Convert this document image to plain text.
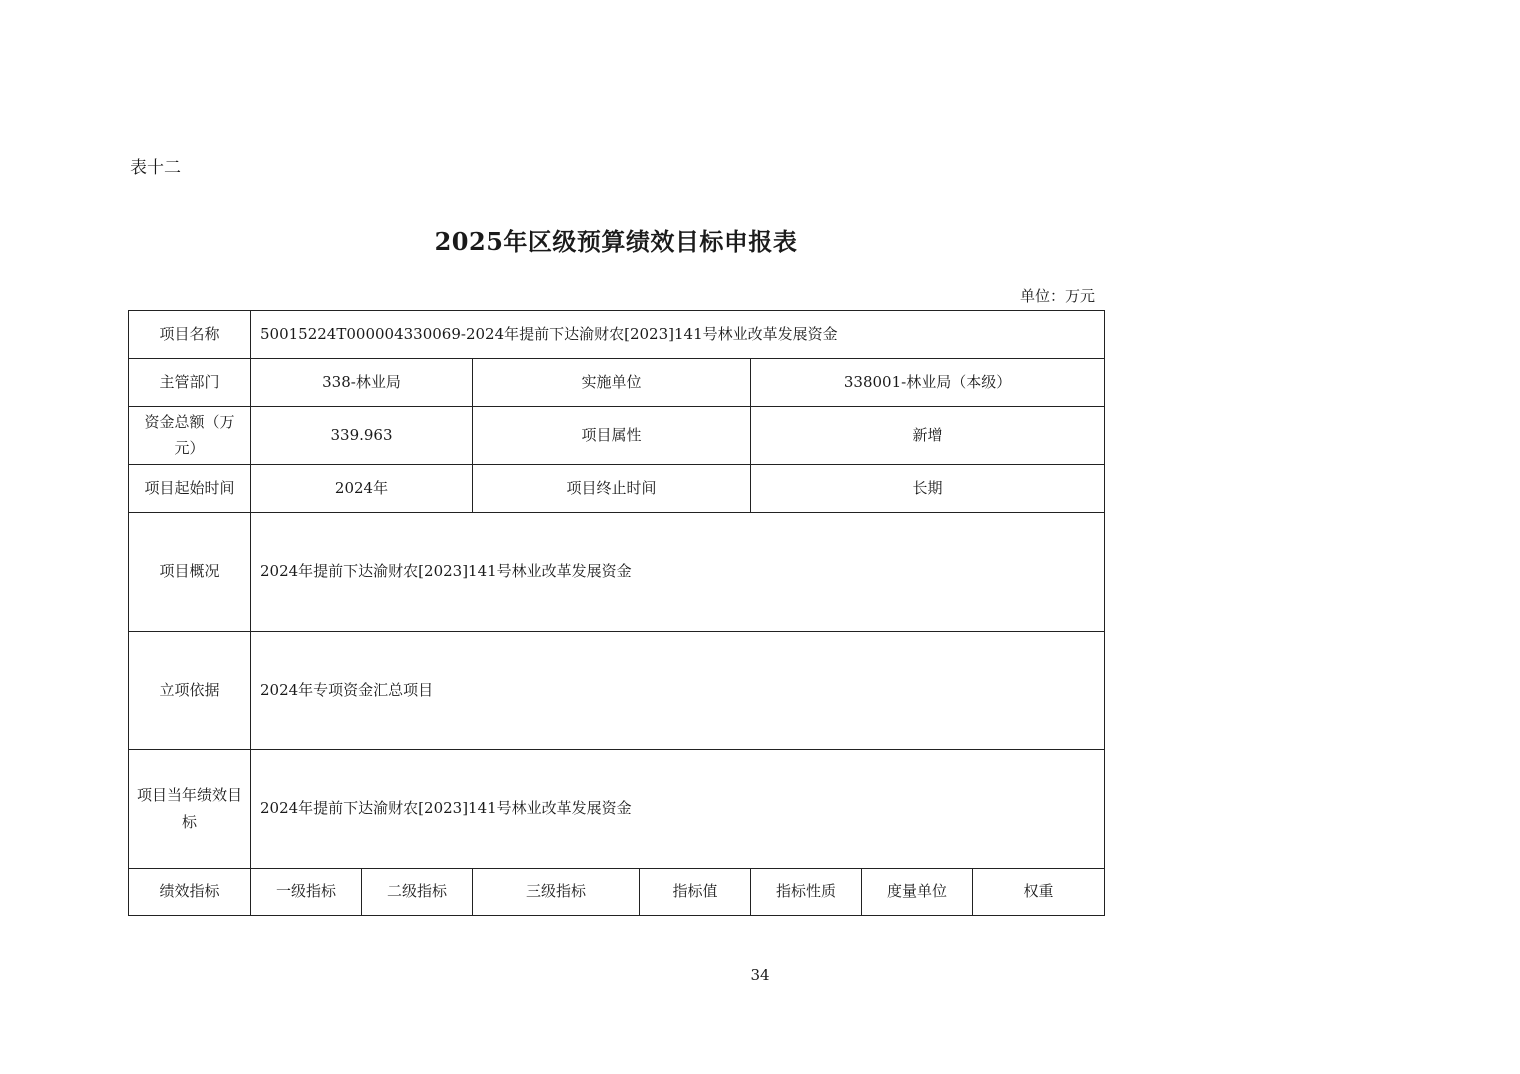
表十二
2025年区级预算绩效目标申报表
单位：万元
项目名称	50015224T000004330069-2024年提前下达渝财农[2023]141号林业改革发展资金						
主管部门	338-林业局		实施单位		338001-林业局（本级）		
资金总额（万元）	339.963		项目属性		新增		
项目起始时间	2024年		项目终止时间		长期		
项目概况	2024年提前下达渝财农[2023]141号林业改革发展资金						
立项依据	2024年专项资金汇总项目						
项目当年绩效目标	2024年提前下达渝财农[2023]141号林业改革发展资金						
绩效指标	一级指标	二级指标	三级指标	指标值	指标性质	度量单位	权重
34
